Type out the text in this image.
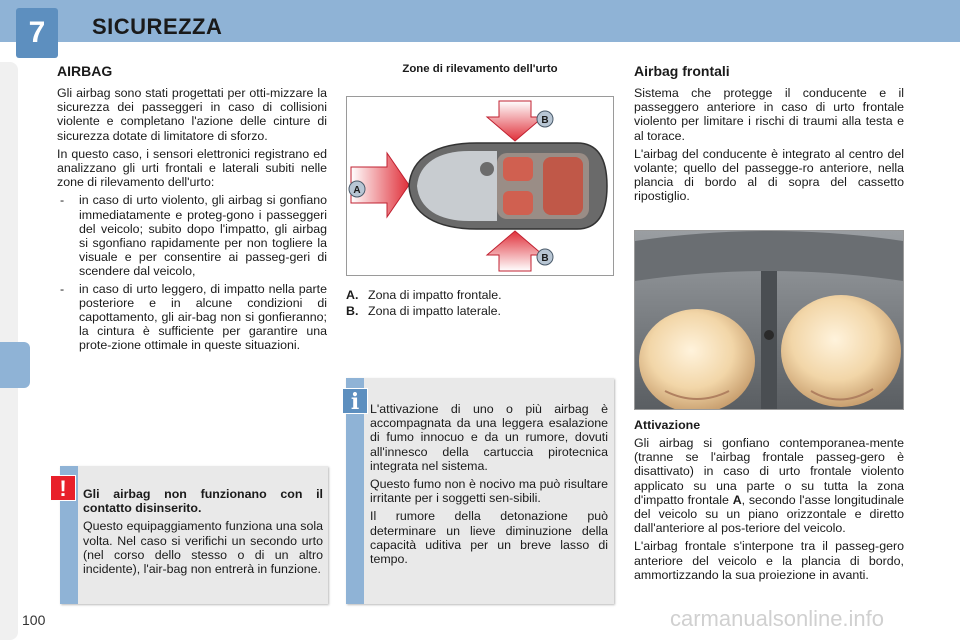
7	SICUREZZA
AIRBAG

Gli airbag sono stati progettati per otti-mizzare la sicurezza dei passeggeri in caso di collisioni violente e completano l'azione delle cinture di sicurezza dotate di limitatore di sforzo.

In questo caso, i sensori elettronici registrano ed analizzano gli urti frontali e laterali subiti nelle zone di rilevamento dell'urto:

- in caso di urto violento, gli airbag si gonfiano immediatamente e proteg-gono i passeggeri del veicolo; subito dopo l'impatto, gli airbag si sgonfiano rapidamente per non togliere la visuale e per consentire ai passeg-geri di scendere dal veicolo,
- in caso di urto leggero, di impatto nella parte posteriore e in alcune condizioni di capottamento, gli air-bag non si gonfieranno; la cintura è sufficiente per garantire una prote-zione ottimale in queste situazioni.
!	Gli airbag non funzionano con il contatto disinserito.

Questo equipaggiamento funziona una sola volta. Nel caso si verifichi un secondo urto (nel corso dello stesso o di un altro incidente), l'air-bag non entrerà in funzione.

Zone di rilevamento dell'urto
A
B
B
A. Zona di impatto frontale.
B. Zona di impatto laterale.
i L'attivazione di uno o più airbag è accompagnata da una leggera esalazione di fumo innocuo e da un rumore, dovuti all'innesco della cartuccia pirotecnica integrata nel sistema.

Questo fumo non è nocivo ma può risultare irritante per i soggetti sen-sibili.

Il rumore della detonazione può determinare un lieve diminuzione della capacità uditiva per un breve lasso di tempo.

Airbag frontali

Sistema che protegge il conducente e il passeggero anteriore in caso di urto frontale violento per limitare i rischi di traumi alla testa e al torace.

L'airbag del conducente è integrato al centro del volante; quello del passegge-ro anteriore, nella plancia di bordo al di sopra del cassetto ripostiglio.

Attivazione

Gli airbag si gonfiano contemporanea-mente (tranne se l'airbag frontale passeg-gero è disattivato) in caso di urto frontale violento applicato su una parte o su tutta la zona d'impatto frontale A, secondo l'asse longitudinale del veicolo su un piano orizzontale e diretto dall'anteriore al pos-teriore del veicolo.

L'airbag frontale s'interpone tra il passeg-gero anteriore del veicolo e la plancia di bordo, ammortizzando la sua proiezione in avanti.

100	carmanualsonline.info
